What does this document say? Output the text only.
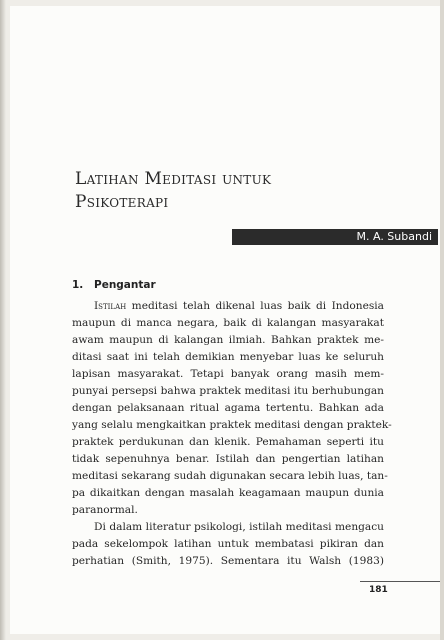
Latihan Meditasi untuk
Psikoterapi
M. A. Subandi
1. Pengantar
Istilah meditasi telah dikenal luas baik di Indonesia
maupun di manca negara, baik di kalangan masyarakat
awam maupun di kalangan ilmiah. Bahkan praktek me-
ditasi saat ini telah demikian menyebar luas ke seluruh
lapisan masyarakat. Tetapi banyak orang masih mem-
punyai persepsi bahwa praktek meditasi itu berhubungan
dengan pelaksanaan ritual agama tertentu. Bahkan ada
yang selalu mengkaitkan praktek meditasi dengan praktek-
praktek perdukunan dan klenik. Pemahaman seperti itu
tidak sepenuhnya benar. Istilah dan pengertian latihan
meditasi sekarang sudah digunakan secara lebih luas, tan-
pa dikaitkan dengan masalah keagamaan maupun dunia
paranormal.
Di dalam literatur psikologi, istilah meditasi mengacu
pada sekelompok latihan untuk membatasi pikiran dan
perhatian (Smith, 1975). Sementara itu Walsh (1983)
181
